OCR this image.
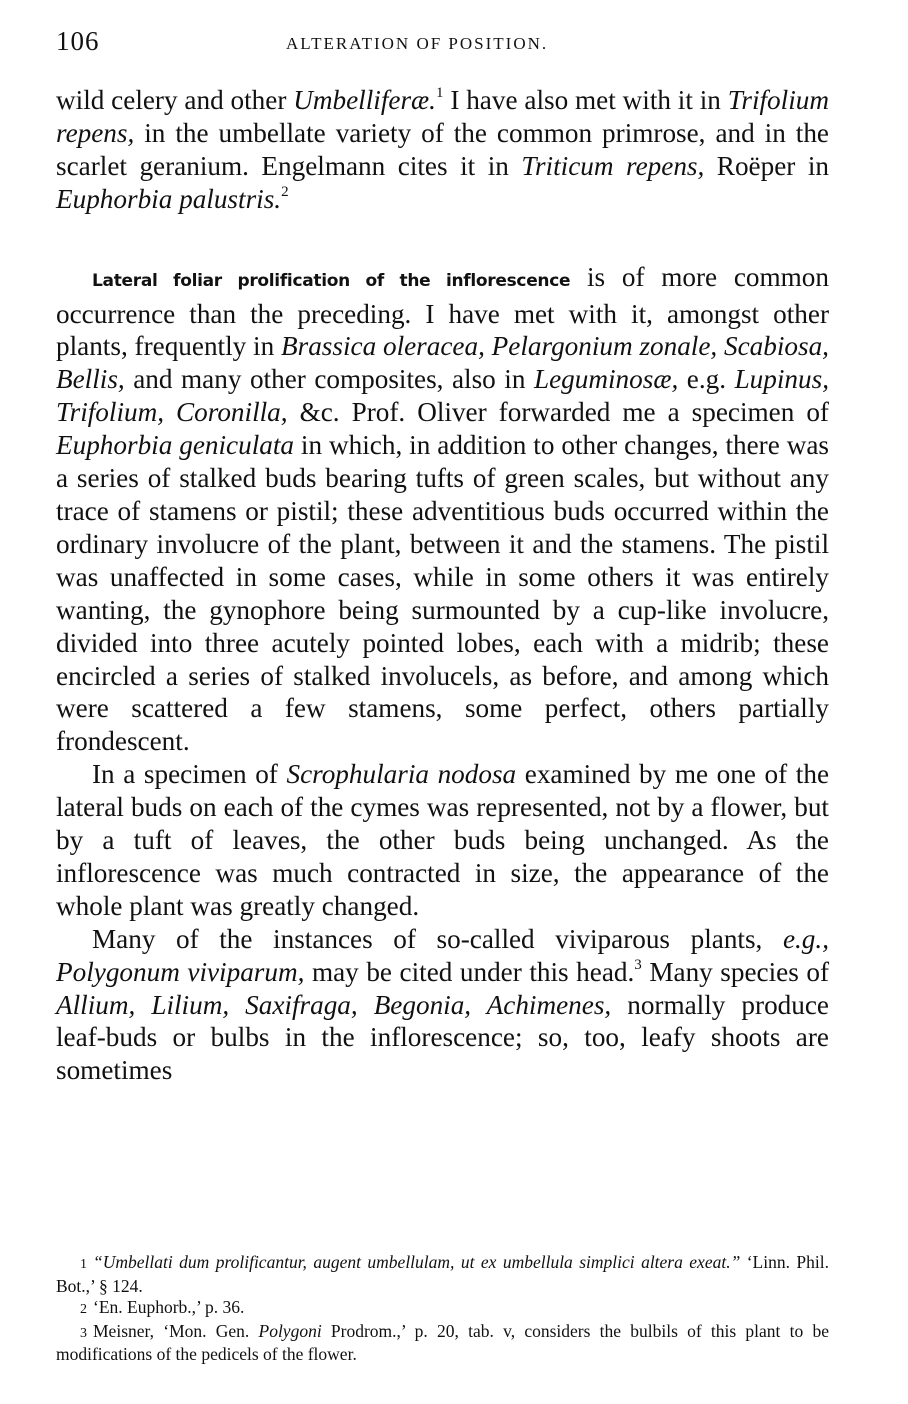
106	ALTERATION OF POSITION.

wild celery and other Umbelliferæ.$^1$ I have also met with it in Trifolium repens, in the umbellate variety of the common primrose, and in the scarlet geranium. Engelmann cites it in Triticum repens, Roëper in Euphorbia palustris.$^2$

Lateral foliar prolification of the inflorescence is of more common occurrence than the preceding. I have met with it, amongst other plants, frequently in Brassica oleracea, Pelargonium zonale, Scabiosa, Bellis, and many other composites, also in Leguminosæ, e.g. Lupinus, Trifolium, Coronilla, &c. Prof. Oliver forwarded me a specimen of Euphorbia geniculata in which, in addition to other changes, there was a series of stalked buds bearing tufts of green scales, but without any trace of stamens or pistil; these adventitious buds occurred within the ordinary involucre of the plant, between it and the stamens. The pistil was unaffected in some cases, while in some others it was entirely wanting, the gynophore being surmounted by a cup-like involucre, divided into three acutely pointed lobes, each with a midrib; these encircled a series of stalked involucels, as before, and among which were scattered a few stamens, some perfect, others partially frondescent.

In a specimen of Scrophularia nodosa examined by me one of the lateral buds on each of the cymes was represented, not by a flower, but by a tuft of leaves, the other buds being unchanged. As the inflorescence was much contracted in size, the appearance of the whole plant was greatly changed.

Many of the instances of so-called viviparous plants, e.g., Polygonum viviparum, may be cited under this head.$^3$ Many species of Allium, Lilium, Saxifraga, Begonia, Achimenes, normally produce leaf-buds or bulbs in the inflorescence; so, too, leafy shoots are sometimes

1 “Umbellati dum prolificantur, augent umbellulam, ut ex umbellula simplici altera exeat.” ‘Linn. Phil. Bot.,’ § 124.

2 ‘En. Euphorb.,’ p. 36.

3 Meisner, ‘Mon. Gen. Polygoni Prodrom.,’ p. 20, tab. v, considers the bulbils of this plant to be modifications of the pedicels of the flower.
